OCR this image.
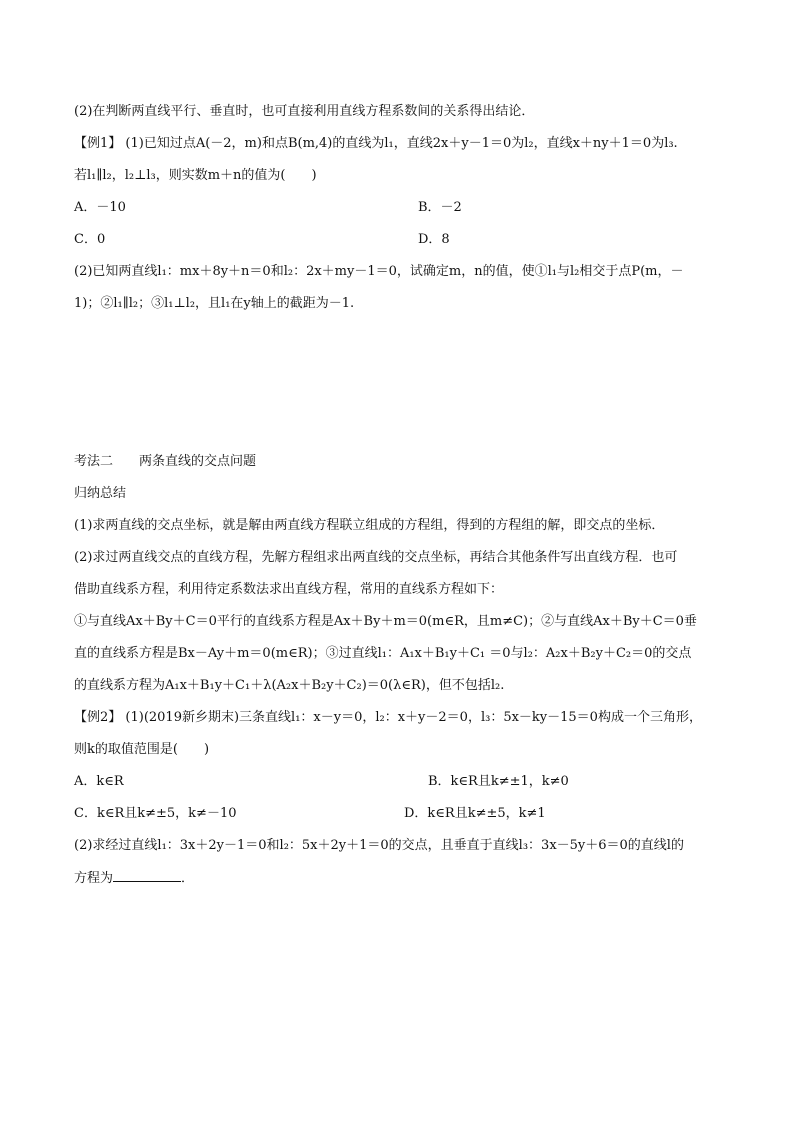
(2)在判断两直线平行、垂直时，也可直接利用直线方程系数间的关系得出结论．
【例1】 (1)已知过点A(－2，m)和点B(m,4)的直线为l₁，直线2x＋y－1＝0为l₂，直线x＋ny＋1＝0为l₃.
若l₁∥l₂，l₂⊥l₃，则实数m＋n的值为(　　)
A．－10	B．－2
C．0	D．8
(2)已知两直线l₁：mx＋8y＋n＝0和l₂：2x＋my－1＝0，试确定m，n的值，使①l₁与l₂相交于点P(m，－
1)；②l₁∥l₂；③l₁⊥l₂，且l₁在y轴上的截距为－1.
考法二 两条直线的交点问题
归纳总结
(1)求两直线的交点坐标，就是解由两直线方程联立组成的方程组，得到的方程组的解，即交点的坐标．
(2)求过两直线交点的直线方程，先解方程组求出两直线的交点坐标，再结合其他条件写出直线方程．也可
借助直线系方程，利用待定系数法求出直线方程，常用的直线系方程如下：
①与直线Ax＋By＋C＝0平行的直线系方程是Ax＋By＋m＝0(m∈R，且m≠C)；②与直线Ax＋By＋C＝0垂
直的直线系方程是Bx－Ay＋m＝0(m∈R)；③过直线l₁：A₁x＋B₁y＋C₁ ＝0与l₂：A₂x＋B₂y＋C₂＝0的交点
的直线系方程为A₁x＋B₁y＋C₁＋λ(A₂x＋B₂y＋C₂)＝0(λ∈R)，但不包括l₂.
【例2】 (1)(2019新乡期末)三条直线l₁：x－y＝0，l₂：x＋y－2＝0，l₃：5x－ky－15＝0构成一个三角形，
则k的取值范围是(　　)
A．k∈R	B．k∈R且k≠±1，k≠0
C．k∈R且k≠±5，k≠－10	D．k∈R且k≠±5，k≠1
(2)求经过直线l₁：3x＋2y－1＝0和l₂：5x＋2y＋1＝0的交点，且垂直于直线l₃：3x－5y＋6＝0的直线l的
方程为	．
